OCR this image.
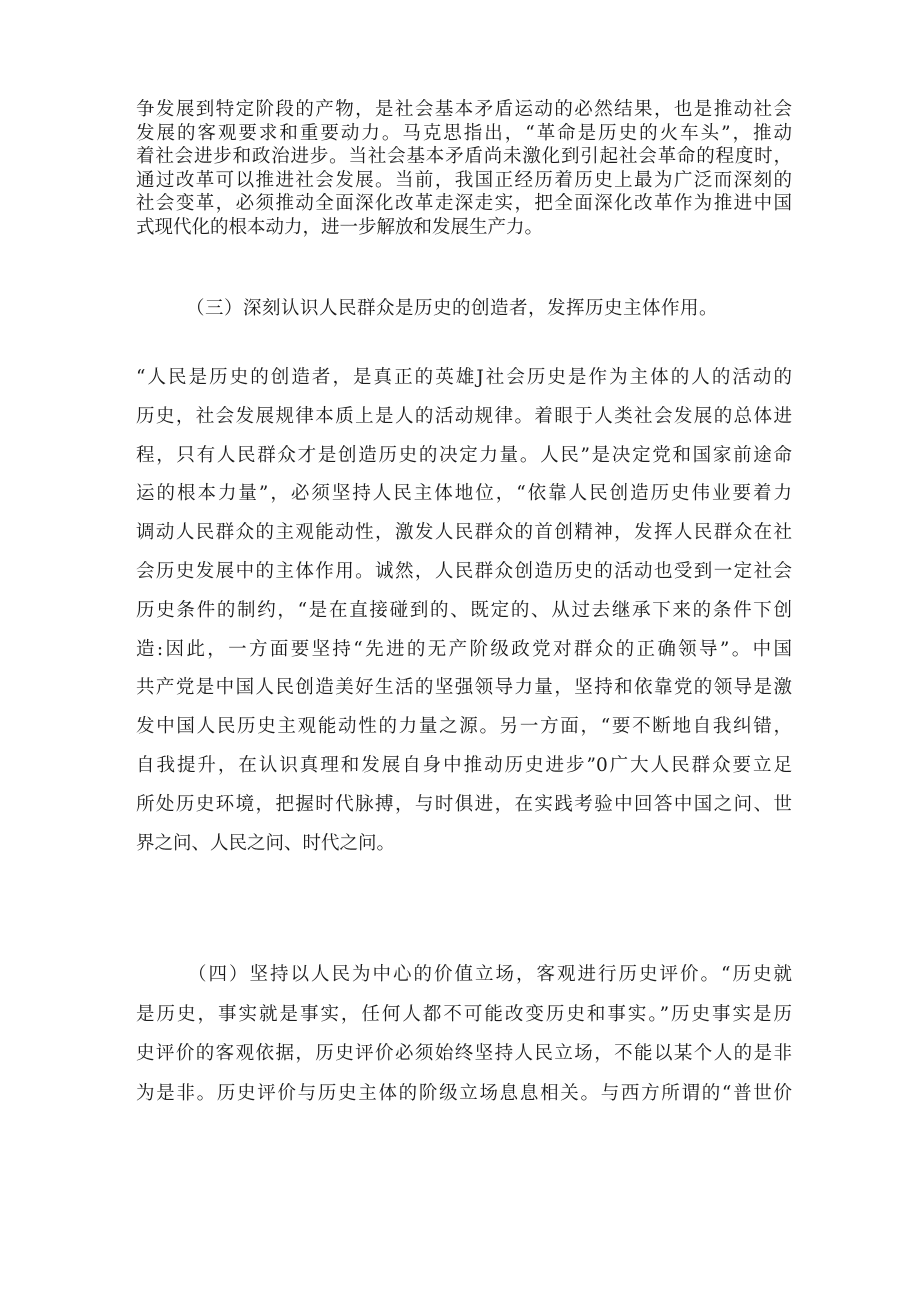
争发展到特定阶段的产物，是社会基本矛盾运动的必然结果，也是推动社会
发展的客观要求和重要动力。马克思指出，“革命是历史的火车头”，推动
着社会进步和政治进步。当社会基本矛盾尚未激化到引起社会革命的程度时，
通过改革可以推进社会发展。当前，我国正经历着历史上最为广泛而深刻的
社会变革，必须推动全面深化改革走深走实，把全面深化改革作为推进中国
式现代化的根本动力，进一步解放和发展生产力。
（三）深刻认识人民群众是历史的创造者，发挥历史主体作用。
“人民是历史的创造者，是真正的英雄J社会历史是作为主体的人的活动的
历史，社会发展规律本质上是人的活动规律。着眼于人类社会发展的总体进
程，只有人民群众才是创造历史的决定力量。人民”是决定党和国家前途命
运的根本力量”，必须坚持人民主体地位，“依靠人民创造历史伟业要着力
调动人民群众的主观能动性，激发人民群众的首创精神，发挥人民群众在社
会历史发展中的主体作用。诚然，人民群众创造历史的活动也受到一定社会
历史条件的制约，“是在直接碰到的、既定的、从过去继承下来的条件下创
造:因此，一方面要坚持“先进的无产阶级政党对群众的正确领导”。中国
共产党是中国人民创造美好生活的坚强领导力量，坚持和依靠党的领导是激
发中国人民历史主观能动性的力量之源。另一方面，“要不断地自我纠错，
自我提升，在认识真理和发展自身中推动历史进步”0广大人民群众要立足
所处历史环境，把握时代脉搏，与时俱进，在实践考验中回答中国之问、世
界之问、人民之问、时代之问。
（四）坚持以人民为中心的价值立场，客观进行历史评价。“历史就
是历史，事实就是事实，任何人都不可能改变历史和事实。”历史事实是历
史评价的客观依据，历史评价必须始终坚持人民立场，不能以某个人的是非
为是非。历史评价与历史主体的阶级立场息息相关。与西方所谓的“普世价
